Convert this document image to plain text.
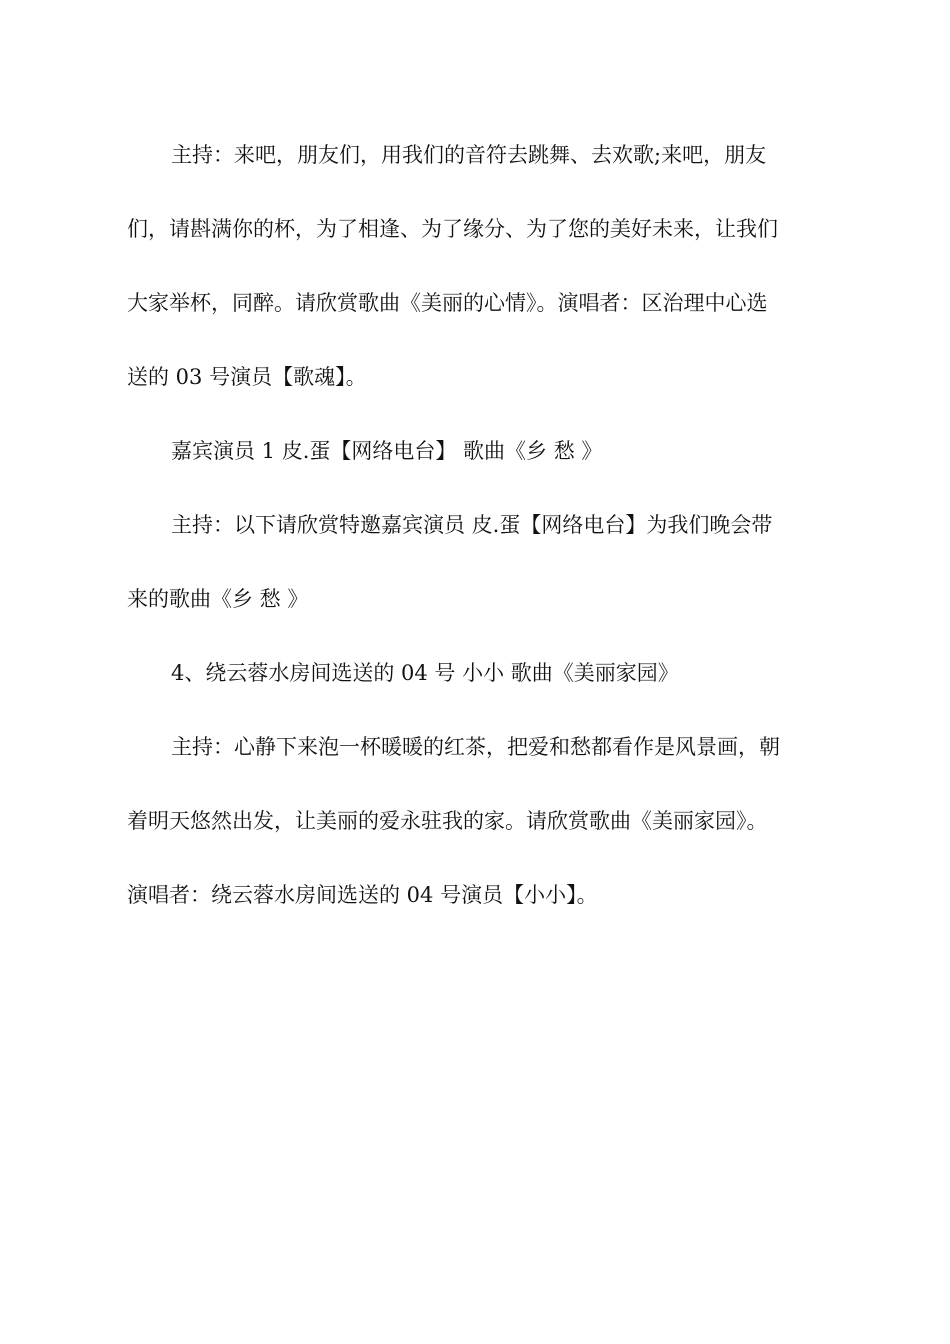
主持：来吧，朋友们，用我们的音符去跳舞、去欢歌;来吧，朋友
们，请斟满你的杯，为了相逢、为了缘分、为了您的美好未来，让我们
大家举杯，同醉。请欣赏歌曲《美丽的心情》。演唱者：区治理中心选
送的 03 号演员【歌魂】。
嘉宾演员 1 皮.蛋【网络电台】 歌曲《乡 愁 》
主持：以下请欣赏特邀嘉宾演员 皮.蛋【网络电台】为我们晚会带
来的歌曲《乡 愁 》
4、绕云蓉水房间选送的 04 号 小小 歌曲《美丽家园》
主持：心静下来泡一杯暖暖的红茶，把爱和愁都看作是风景画，朝
着明天悠然出发，让美丽的爱永驻我的家。请欣赏歌曲《美丽家园》。
演唱者：绕云蓉水房间选送的 04 号演员【小小】。
